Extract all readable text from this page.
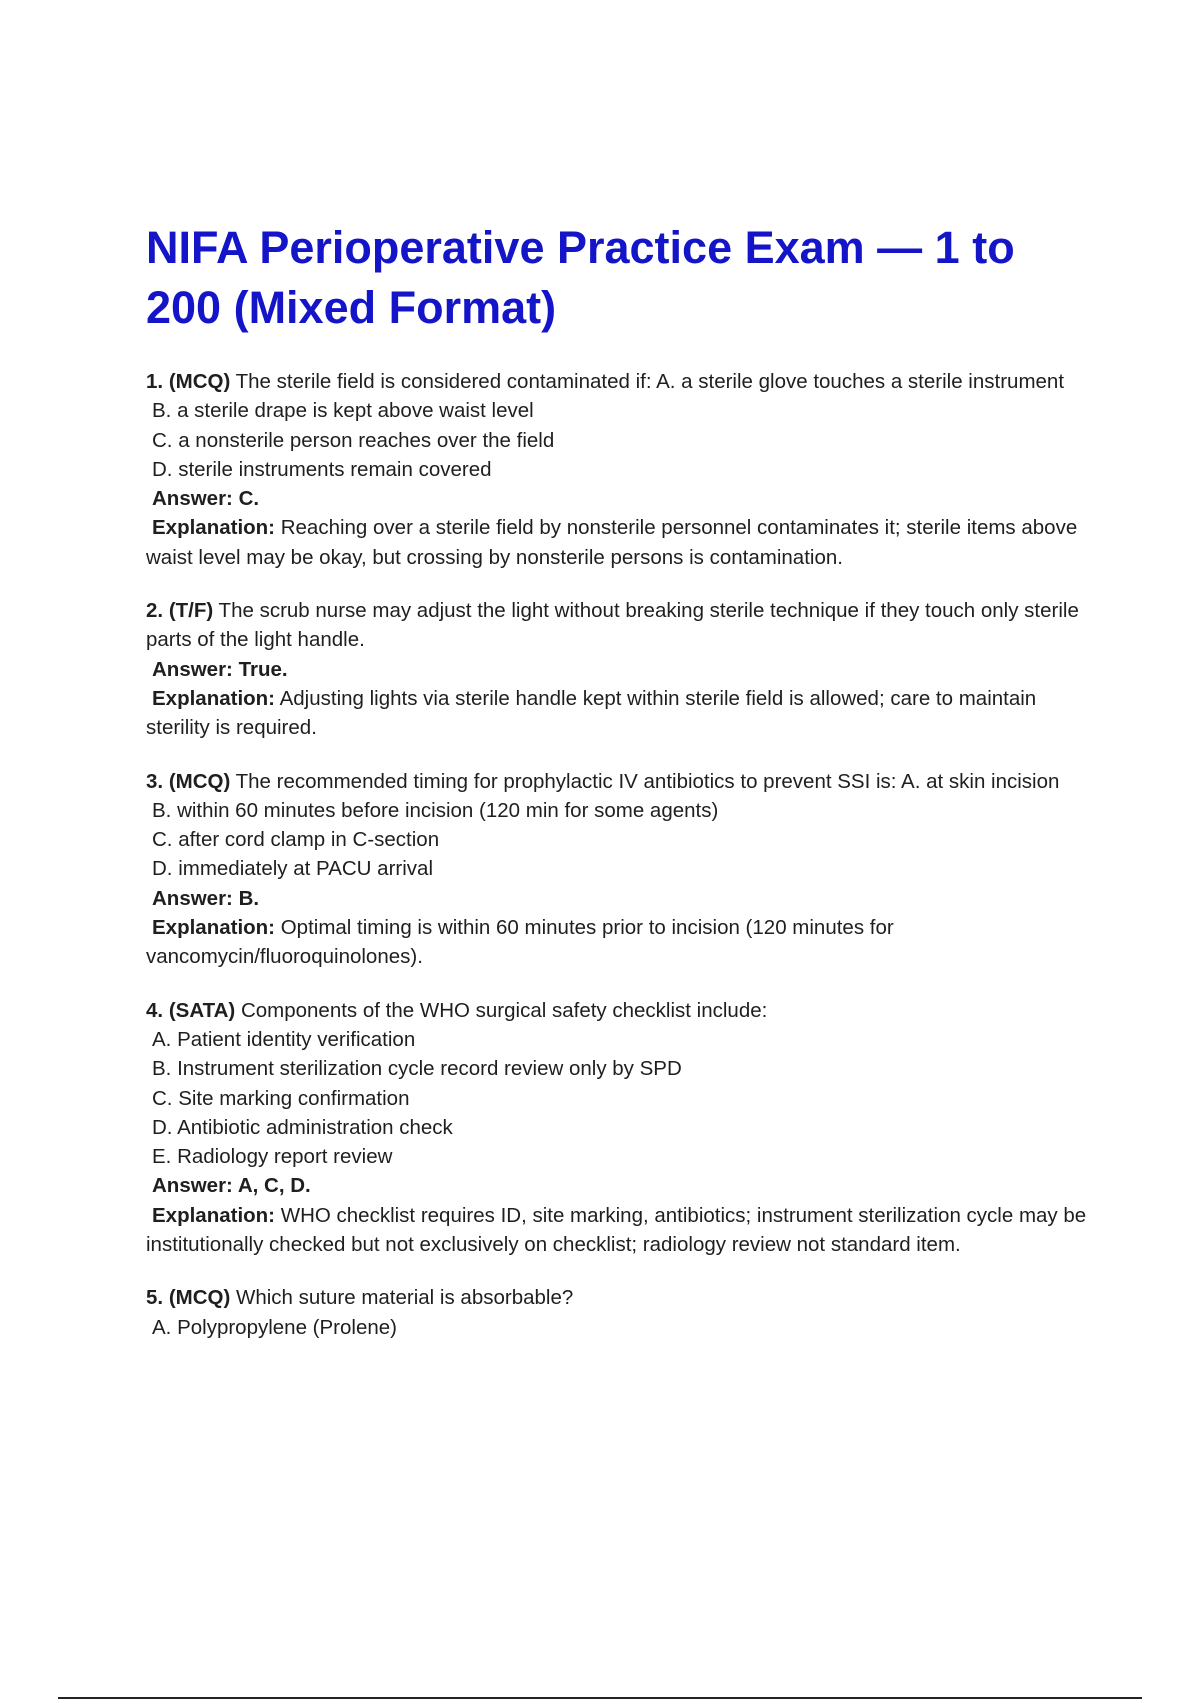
NIFA Perioperative Practice Exam — 1 to 200 (Mixed Format)
1. (MCQ) The sterile field is considered contaminated if: A. a sterile glove touches a sterile instrument
B. a sterile drape is kept above waist level
C. a nonsterile person reaches over the field
D. sterile instruments remain covered
Answer: C.
Explanation: Reaching over a sterile field by nonsterile personnel contaminates it; sterile items above waist level may be okay, but crossing by nonsterile persons is contamination.
2. (T/F) The scrub nurse may adjust the light without breaking sterile technique if they touch only sterile parts of the light handle.
Answer: True.
Explanation: Adjusting lights via sterile handle kept within sterile field is allowed; care to maintain sterility is required.
3. (MCQ) The recommended timing for prophylactic IV antibiotics to prevent SSI is: A. at skin incision
B. within 60 minutes before incision (120 min for some agents)
C. after cord clamp in C-section
D. immediately at PACU arrival
Answer: B.
Explanation: Optimal timing is within 60 minutes prior to incision (120 minutes for vancomycin/fluoroquinolones).
4. (SATA) Components of the WHO surgical safety checklist include:
A. Patient identity verification
B. Instrument sterilization cycle record review only by SPD
C. Site marking confirmation
D. Antibiotic administration check
E. Radiology report review
Answer: A, C, D.
Explanation: WHO checklist requires ID, site marking, antibiotics; instrument sterilization cycle may be institutionally checked but not exclusively on checklist; radiology review not standard item.
5. (MCQ) Which suture material is absorbable?
A. Polypropylene (Prolene)
